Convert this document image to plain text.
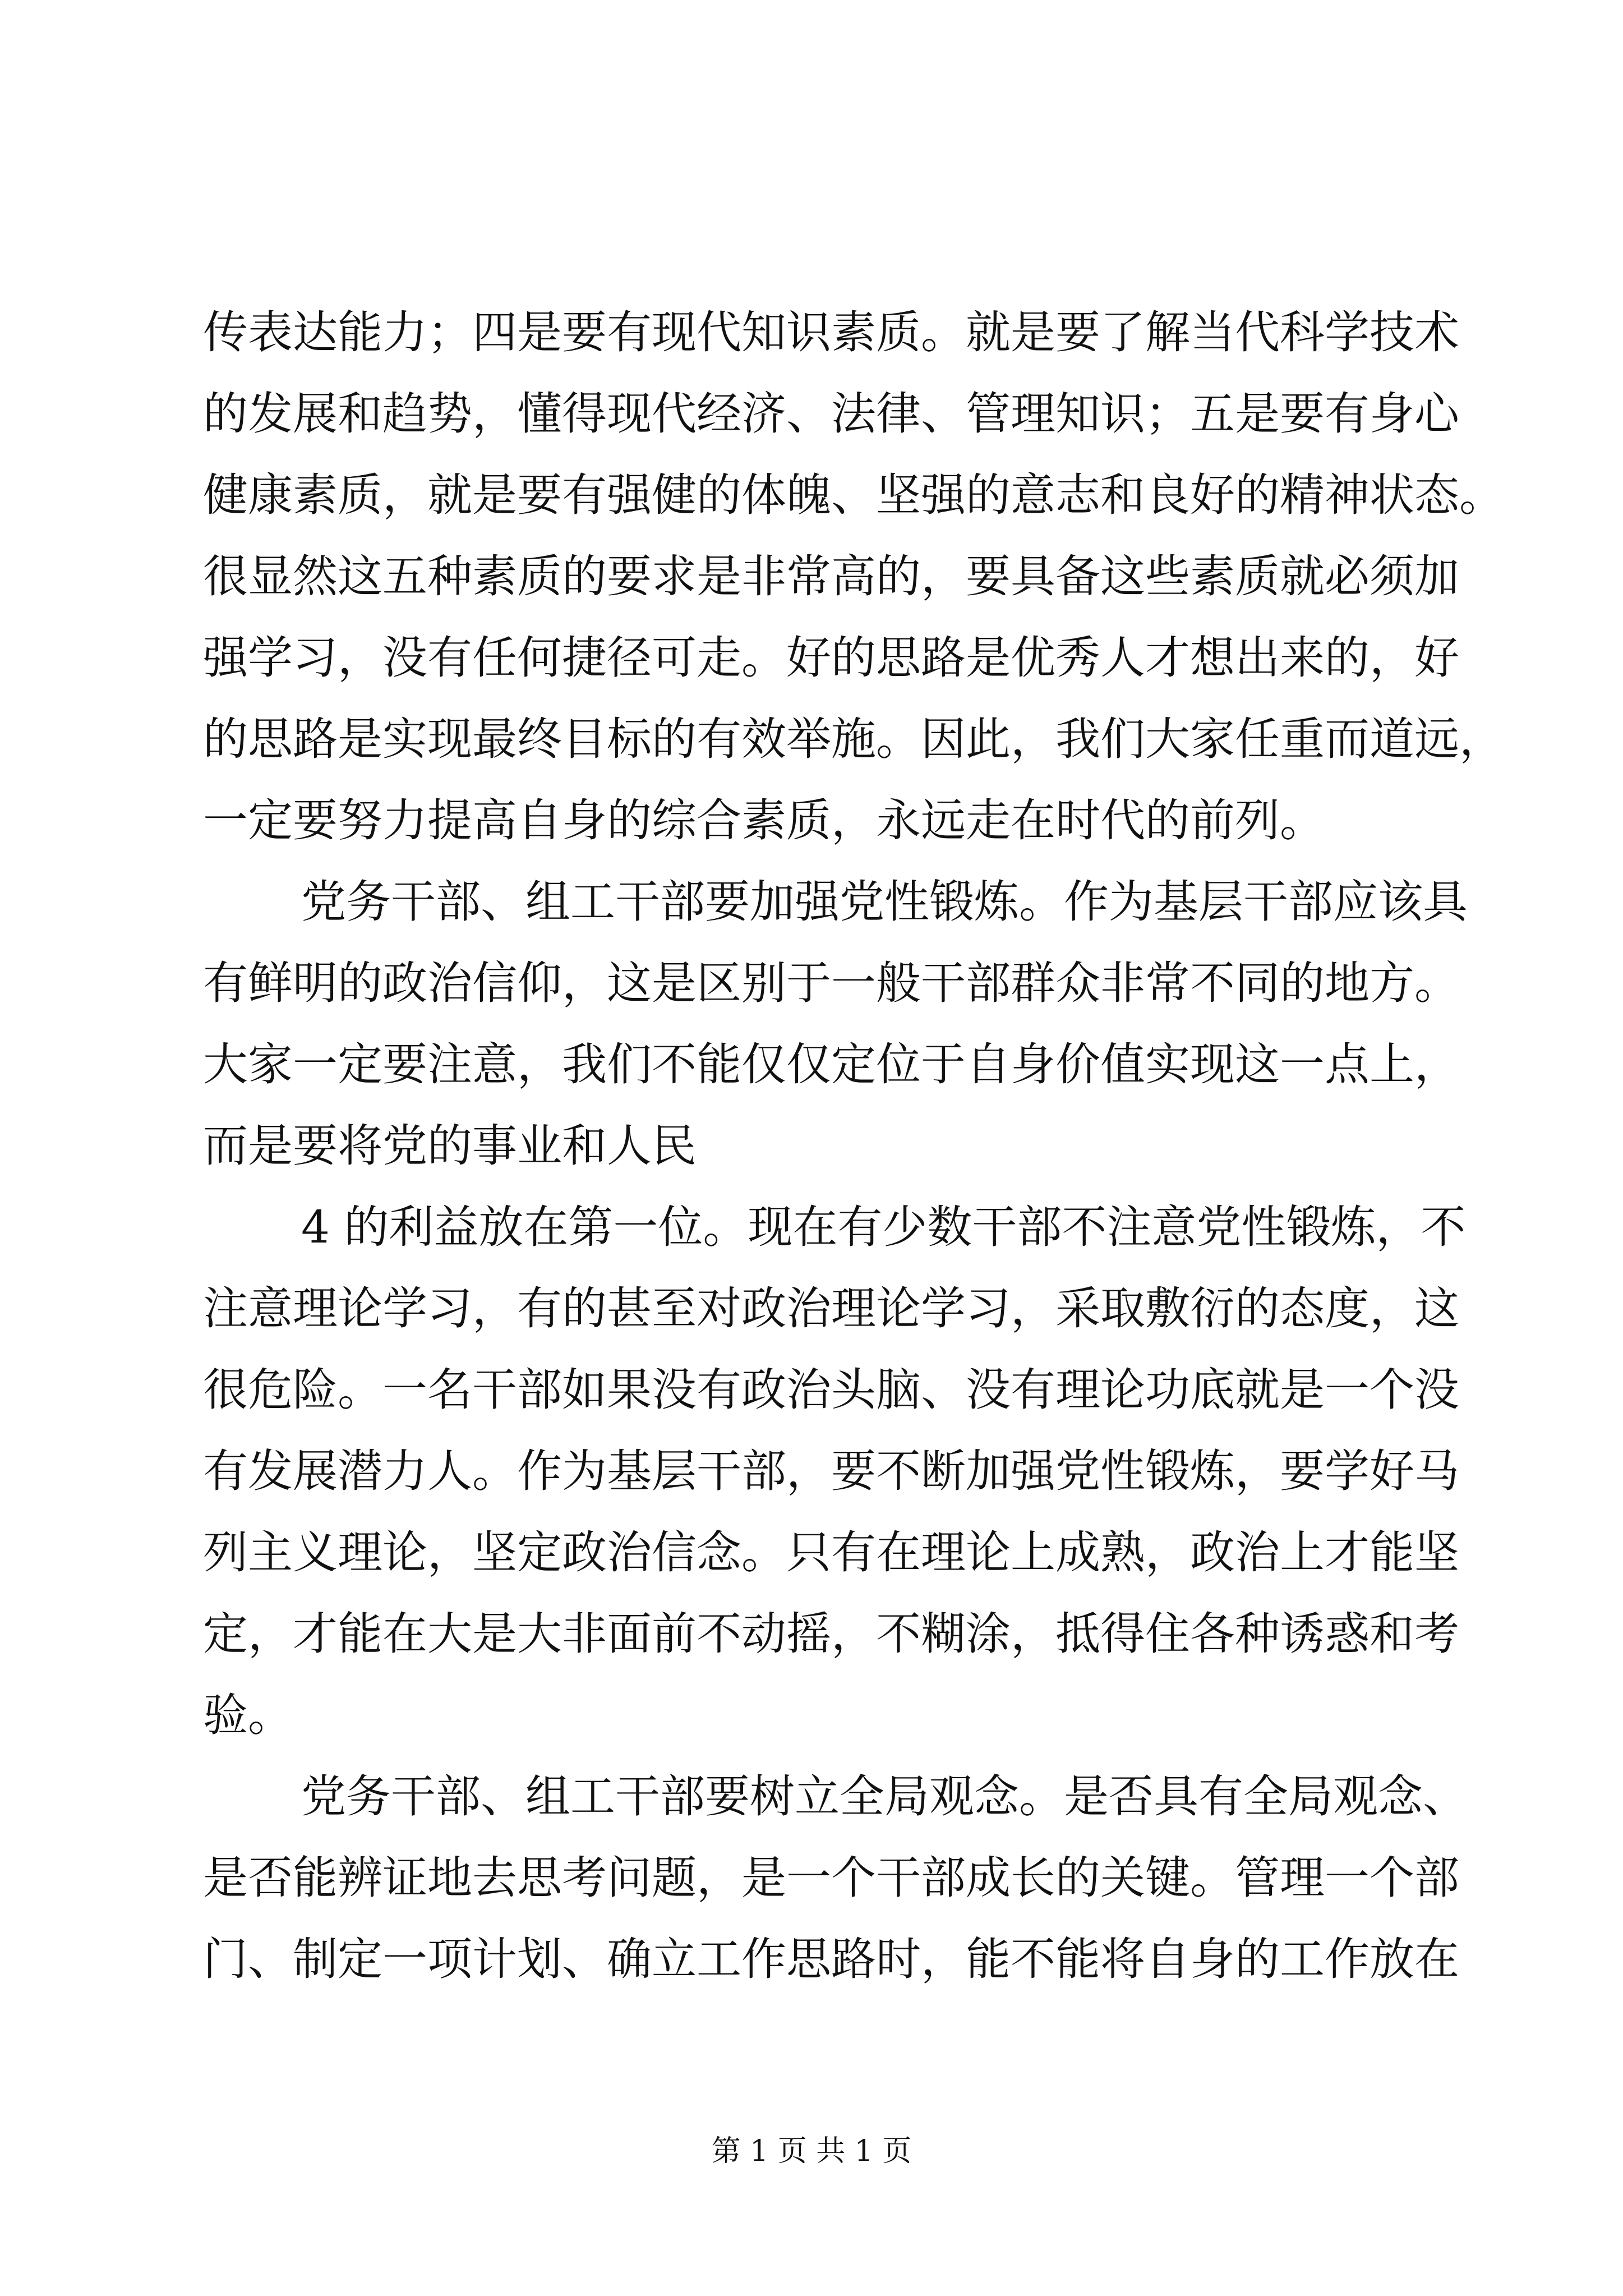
传表达能力；四是要有现代知识素质。就是要了解当代科学技术
的发展和趋势，懂得现代经济、法律、管理知识；五是要有身心
健康素质，就是要有强健的体魄、坚强的意志和良好的精神状态。
很显然这五种素质的要求是非常高的，要具备这些素质就必须加
强学习，没有任何捷径可走。好的思路是优秀人才想出来的，好
的思路是实现最终目标的有效举施。因此，我们大家任重而道远，
一定要努力提高自身的综合素质，永远走在时代的前列。
党务干部、组工干部要加强党性锻炼。作为基层干部应该具
有鲜明的政治信仰，这是区别于一般干部群众非常不同的地方。
大家一定要注意，我们不能仅仅定位于自身价值实现这一点上，
而是要将党的事业和人民
4 的利益放在第一位。现在有少数干部不注意党性锻炼，不
注意理论学习，有的甚至对政治理论学习，采取敷衍的态度，这
很危险。一名干部如果没有政治头脑、没有理论功底就是一个没
有发展潜力人。作为基层干部，要不断加强党性锻炼，要学好马
列主义理论，坚定政治信念。只有在理论上成熟，政治上才能坚
定，才能在大是大非面前不动摇，不糊涂，抵得住各种诱惑和考
验。
党务干部、组工干部要树立全局观念。是否具有全局观念、
是否能辨证地去思考问题，是一个干部成长的关键。管理一个部
门、制定一项计划、确立工作思路时，能不能将自身的工作放在
第 1 页 共 1 页
